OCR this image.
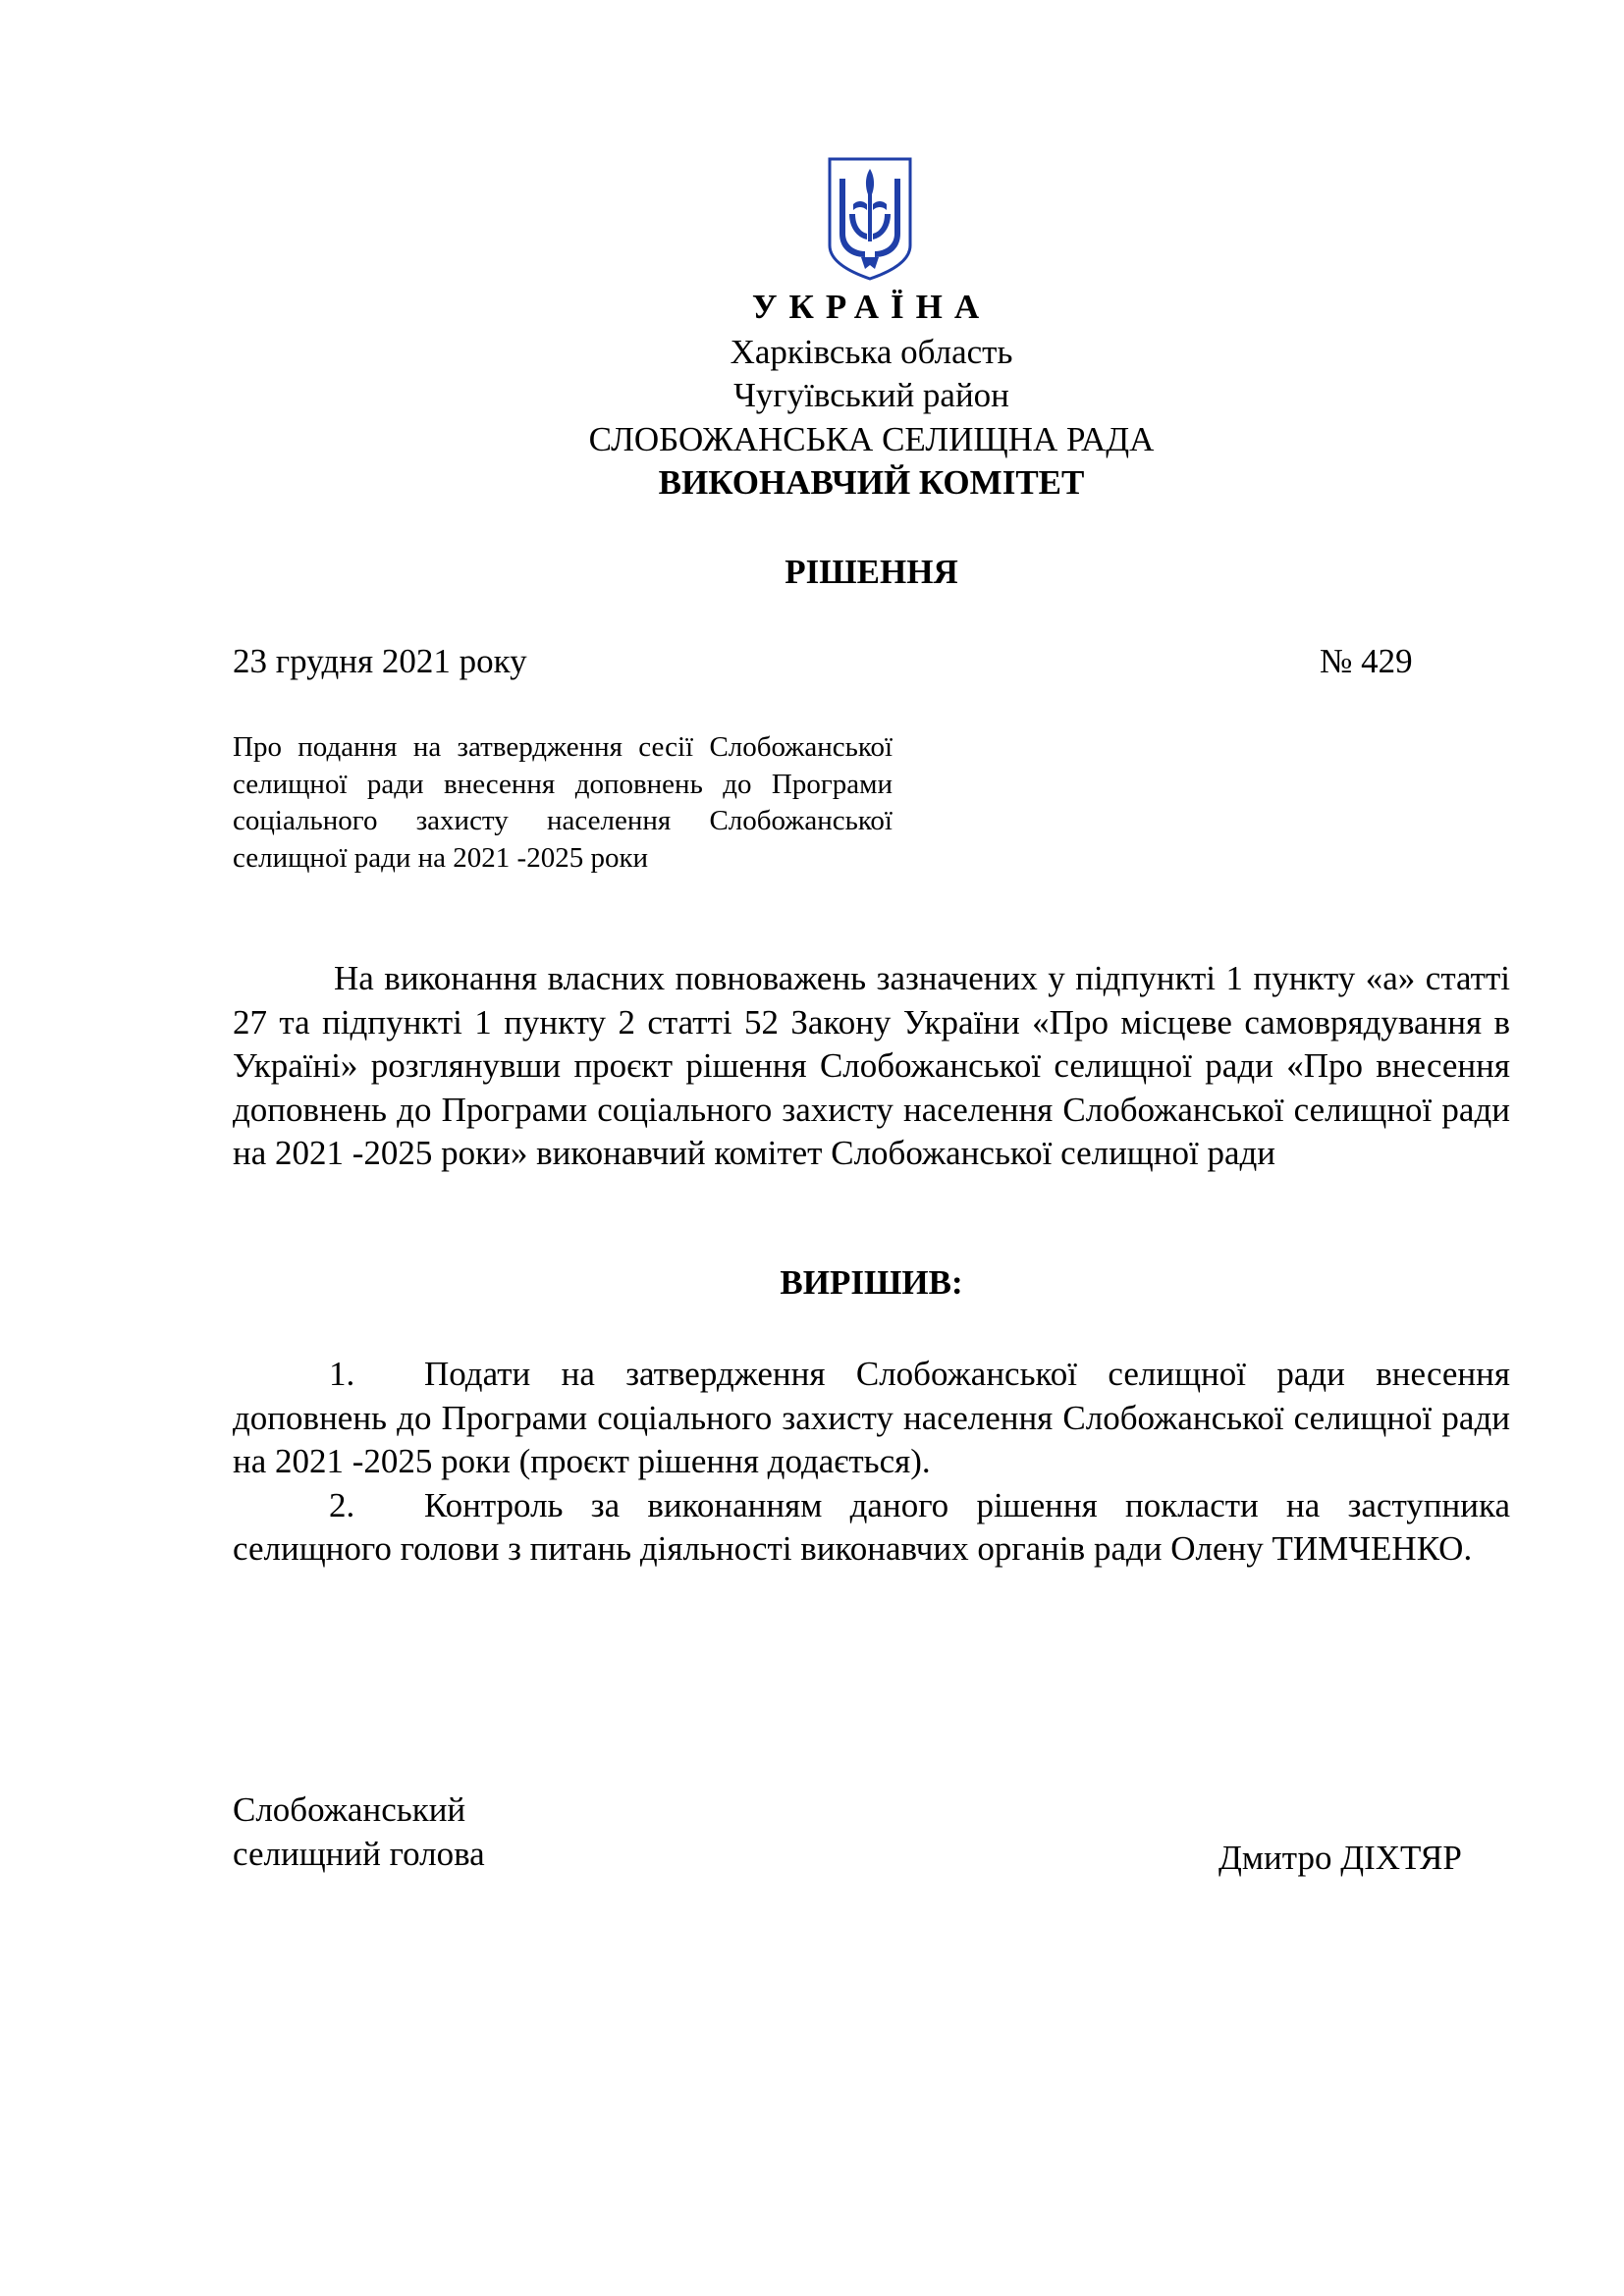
УКРАЇНА
Харківська область
Чугуївський район
СЛОБОЖАНСЬКА СЕЛИЩНА РАДА
ВИКОНАВЧИЙ КОМІТЕТ
РІШЕННЯ
23 грудня 2021 року	№ 429
Про подання на затвердження сесії Слобожанської селищної ради внесення доповнень до Програми соціального захисту населення Слобожанської селищної ради на 2021 -2025 роки
На виконання власних повноважень зазначених у підпункті 1 пункту «а» статті 27 та підпункті 1 пункту 2 статті 52 Закону України «Про місцеве самоврядування в Україні» розглянувши проєкт рішення Слобожанської селищної ради «Про внесення доповнень до Програми соціального захисту населення Слобожанської селищної ради на 2021 -2025 роки» виконавчий комітет Слобожанської селищної ради
ВИРІШИВ:

1. Подати на затвердження Слобожанської селищної ради внесення доповнень до Програми соціального захисту населення Слобожанської селищної ради на 2021 -2025 роки (проєкт рішення додається).

2. Контроль за виконанням даного рішення покласти на заступника селищного голови з питань діяльності виконавчих органів ради Олену ТИМЧЕНКО.

Слобожанський
селищний голова	Дмитро ДІХТЯР
